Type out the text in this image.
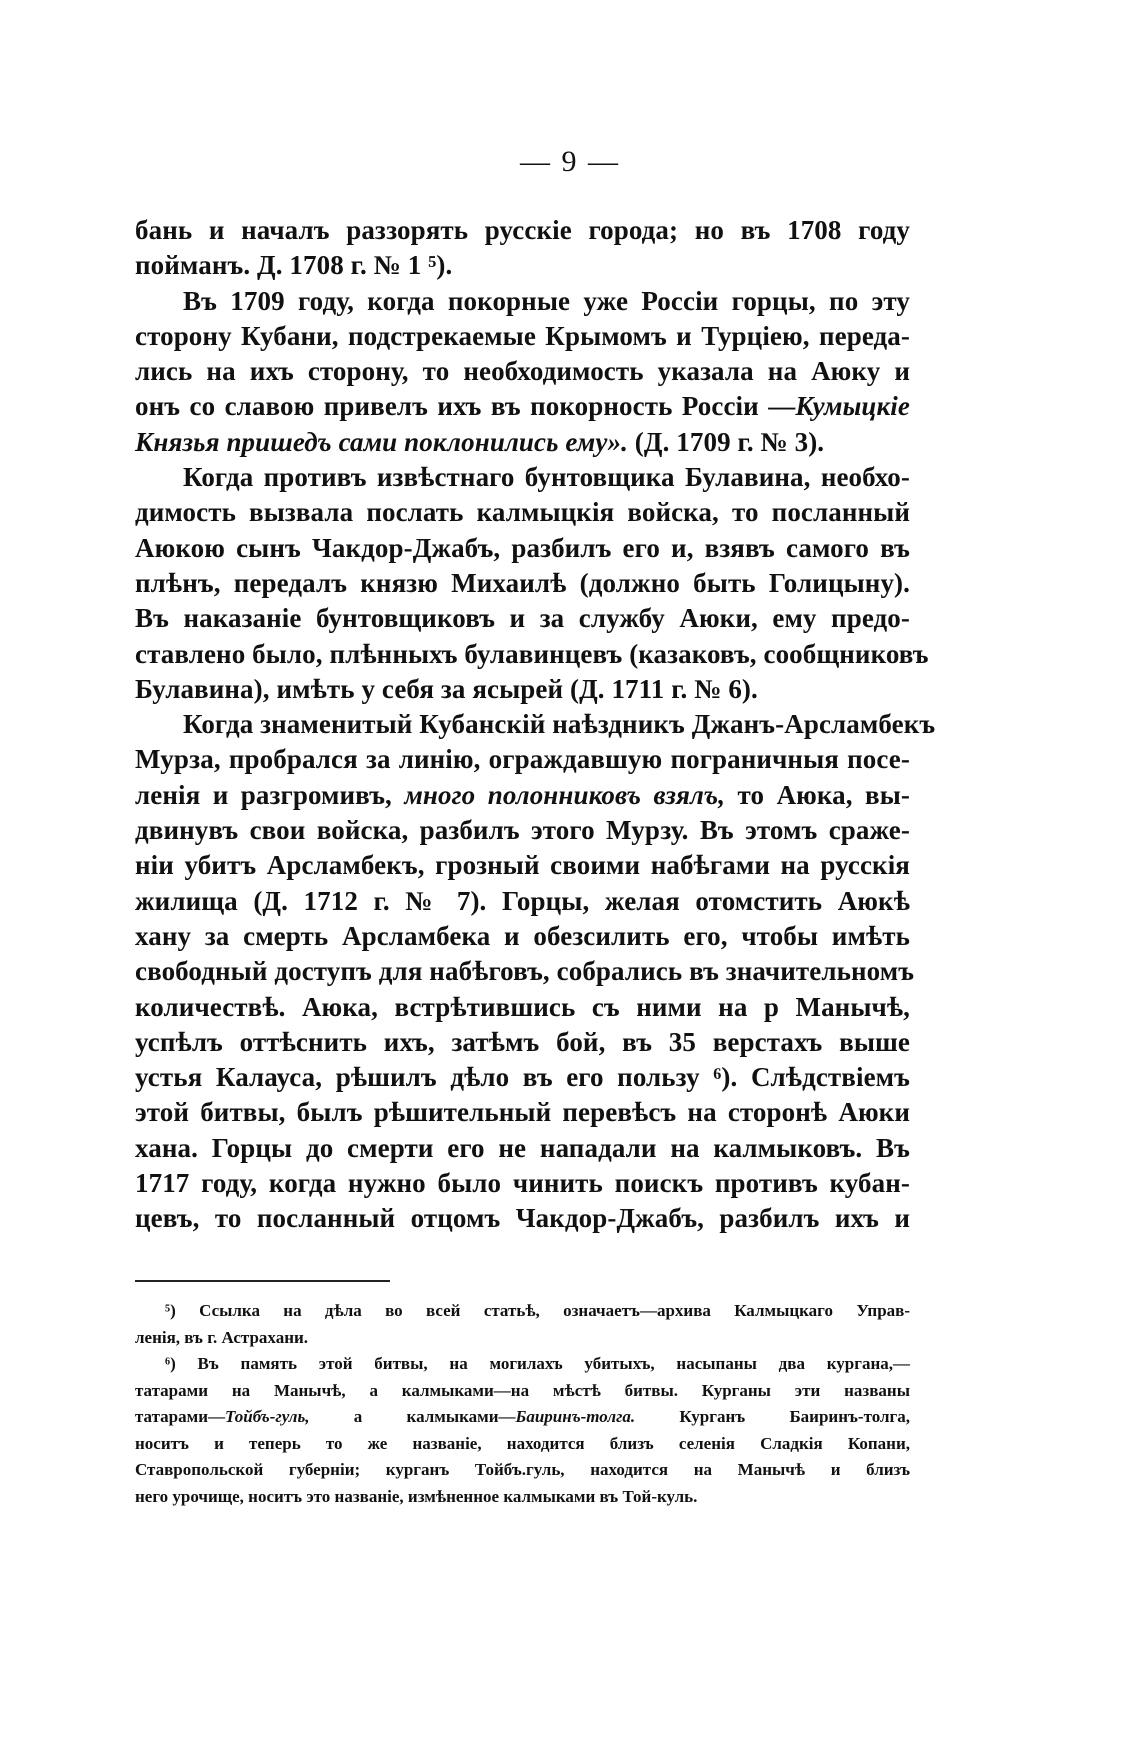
— 9 —
бань и началъ раззорять русскiе города; но въ 1708 году
пойманъ. Д. 1708 г. № 1 ⁵).
Въ 1709 году, когда покорные уже Россiи горцы, по эту
сторону Кубани, подстрекаемые Крымомъ и Турцiею, переда-
лись на ихъ сторону, то необходимость указала на Аюку и
онъ со славою привелъ ихъ въ покорность Россiи —Кумыцкiе
Князья пришедъ сами поклонились ему». (Д. 1709 г. № 3).
Когда противъ извѣстнаго бунтовщика Булавина, необхо-
димость вызвала послать калмыцкiя войска, то посланный
Аюкою сынъ Чакдор-Джабъ, разбилъ его и, взявъ самого въ
плѣнъ, передалъ князю Михаилѣ (должно быть Голицыну).
Въ наказанiе бунтовщиковъ и за службу Аюки, ему предо-
ставлено было, плѣнныхъ булавинцевъ (казаковъ, сообщниковъ
Булавина), имѣть у себя за ясырей (Д. 1711 г. № 6).
Когда знаменитый Кубанскiй наѣздникъ Джанъ-Арсламбекъ
Мурза, пробрался за линiю, ограждавшую пограничныя посе-
ленiя и разгромивъ, много полонниковъ взялъ, то Аюка, вы-
двинувъ свои войска, разбилъ этого Мурзу. Въ этомъ сраже-
нiи убитъ Арсламбекъ, грозный своими набѣгами на русскiя
жилища (Д. 1712 г. № 7). Горцы, желая отомстить Аюкѣ
хану за смерть Арсламбека и обезсилить его, чтобы имѣть
свободный доступъ для набѣговъ, собрались въ значительномъ
количествѣ. Аюка, встрѣтившись съ ними на р Манычѣ,
успѣлъ оттѣснить ихъ, затѣмъ бой, въ 35 верстахъ выше
устья Калауса, рѣшилъ дѣло въ его пользу ⁶). Слѣдствiемъ
этой битвы, былъ рѣшительный перевѣсъ на сторонѣ Аюки
хана. Горцы до смерти его не нападали на калмыковъ. Въ
1717 году, когда нужно было чинить поискъ противъ кубан-
цевъ, то посланный отцомъ Чакдор-Джабъ, разбилъ ихъ и
⁵) Ссылка на дѣла во всей статьѣ, означаетъ—архива Калмыцкаго Управ-
ленiя, въ г. Астрахани.
⁶) Въ память этой битвы, на могилахъ убитыхъ, насыпаны два кургана,—
татарами на Манычѣ, а калмыками—на мѣстѣ битвы. Курганы эти названы
татарами—Тойбъ-гуль,	а калмыками—Баиринъ-толга.	Курганъ Баиринъ-толга,
носитъ и теперь то же названiе, находится близъ селенiя Сладкiя Копани,
Ставропольской губернiи; курганъ Тойбъ.гуль, находится на Манычѣ и близъ
него урочище, носитъ это названiе, измѣненное калмыками въ Той-куль.
